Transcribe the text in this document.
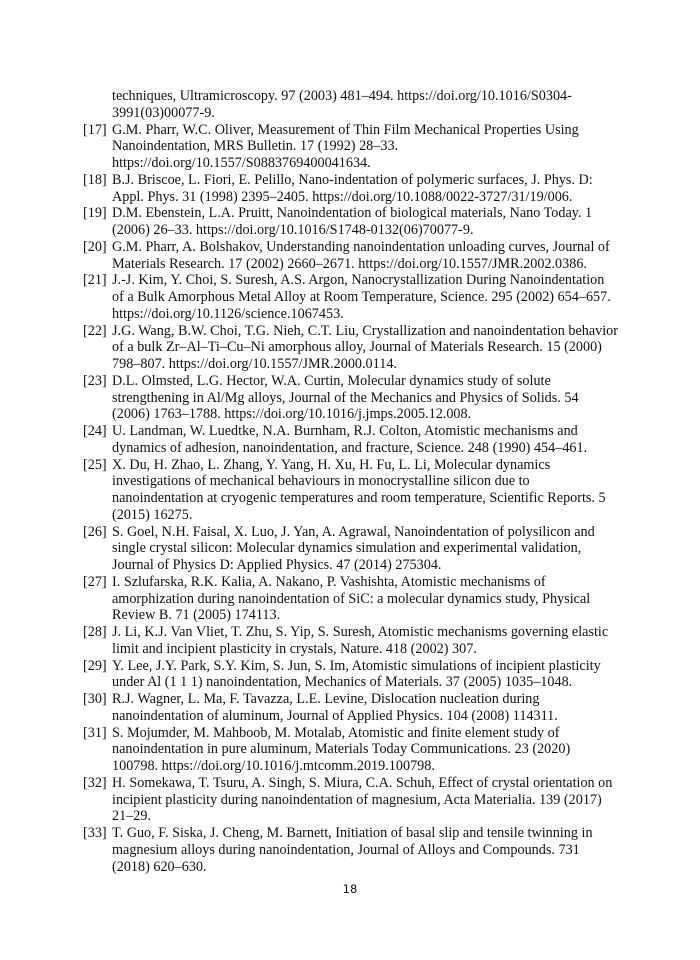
techniques, Ultramicroscopy. 97 (2003) 481–494. https://doi.org/10.1016/S0304-3991(03)00077-9.
[17] G.M. Pharr, W.C. Oliver, Measurement of Thin Film Mechanical Properties Using Nanoindentation, MRS Bulletin. 17 (1992) 28–33. https://doi.org/10.1557/S0883769400041634.
[18] B.J. Briscoe, L. Fiori, E. Pelillo, Nano-indentation of polymeric surfaces, J. Phys. D: Appl. Phys. 31 (1998) 2395–2405. https://doi.org/10.1088/0022-3727/31/19/006.
[19] D.M. Ebenstein, L.A. Pruitt, Nanoindentation of biological materials, Nano Today. 1 (2006) 26–33. https://doi.org/10.1016/S1748-0132(06)70077-9.
[20] G.M. Pharr, A. Bolshakov, Understanding nanoindentation unloading curves, Journal of Materials Research. 17 (2002) 2660–2671. https://doi.org/10.1557/JMR.2002.0386.
[21] J.-J. Kim, Y. Choi, S. Suresh, A.S. Argon, Nanocrystallization During Nanoindentation of a Bulk Amorphous Metal Alloy at Room Temperature, Science. 295 (2002) 654–657. https://doi.org/10.1126/science.1067453.
[22] J.G. Wang, B.W. Choi, T.G. Nieh, C.T. Liu, Crystallization and nanoindentation behavior of a bulk Zr–Al–Ti–Cu–Ni amorphous alloy, Journal of Materials Research. 15 (2000) 798–807. https://doi.org/10.1557/JMR.2000.0114.
[23] D.L. Olmsted, L.G. Hector, W.A. Curtin, Molecular dynamics study of solute strengthening in Al/Mg alloys, Journal of the Mechanics and Physics of Solids. 54 (2006) 1763–1788. https://doi.org/10.1016/j.jmps.2005.12.008.
[24] U. Landman, W. Luedtke, N.A. Burnham, R.J. Colton, Atomistic mechanisms and dynamics of adhesion, nanoindentation, and fracture, Science. 248 (1990) 454–461.
[25] X. Du, H. Zhao, L. Zhang, Y. Yang, H. Xu, H. Fu, L. Li, Molecular dynamics investigations of mechanical behaviours in monocrystalline silicon due to nanoindentation at cryogenic temperatures and room temperature, Scientific Reports. 5 (2015) 16275.
[26] S. Goel, N.H. Faisal, X. Luo, J. Yan, A. Agrawal, Nanoindentation of polysilicon and single crystal silicon: Molecular dynamics simulation and experimental validation, Journal of Physics D: Applied Physics. 47 (2014) 275304.
[27] I. Szlufarska, R.K. Kalia, A. Nakano, P. Vashishta, Atomistic mechanisms of amorphization during nanoindentation of SiC: a molecular dynamics study, Physical Review B. 71 (2005) 174113.
[28] J. Li, K.J. Van Vliet, T. Zhu, S. Yip, S. Suresh, Atomistic mechanisms governing elastic limit and incipient plasticity in crystals, Nature. 418 (2002) 307.
[29] Y. Lee, J.Y. Park, S.Y. Kim, S. Jun, S. Im, Atomistic simulations of incipient plasticity under Al (1 1 1) nanoindentation, Mechanics of Materials. 37 (2005) 1035–1048.
[30] R.J. Wagner, L. Ma, F. Tavazza, L.E. Levine, Dislocation nucleation during nanoindentation of aluminum, Journal of Applied Physics. 104 (2008) 114311.
[31] S. Mojumder, M. Mahboob, M. Motalab, Atomistic and finite element study of nanoindentation in pure aluminum, Materials Today Communications. 23 (2020) 100798. https://doi.org/10.1016/j.mtcomm.2019.100798.
[32] H. Somekawa, T. Tsuru, A. Singh, S. Miura, C.A. Schuh, Effect of crystal orientation on incipient plasticity during nanoindentation of magnesium, Acta Materialia. 139 (2017) 21–29.
[33] T. Guo, F. Siska, J. Cheng, M. Barnett, Initiation of basal slip and tensile twinning in magnesium alloys during nanoindentation, Journal of Alloys and Compounds. 731 (2018) 620–630.
18
